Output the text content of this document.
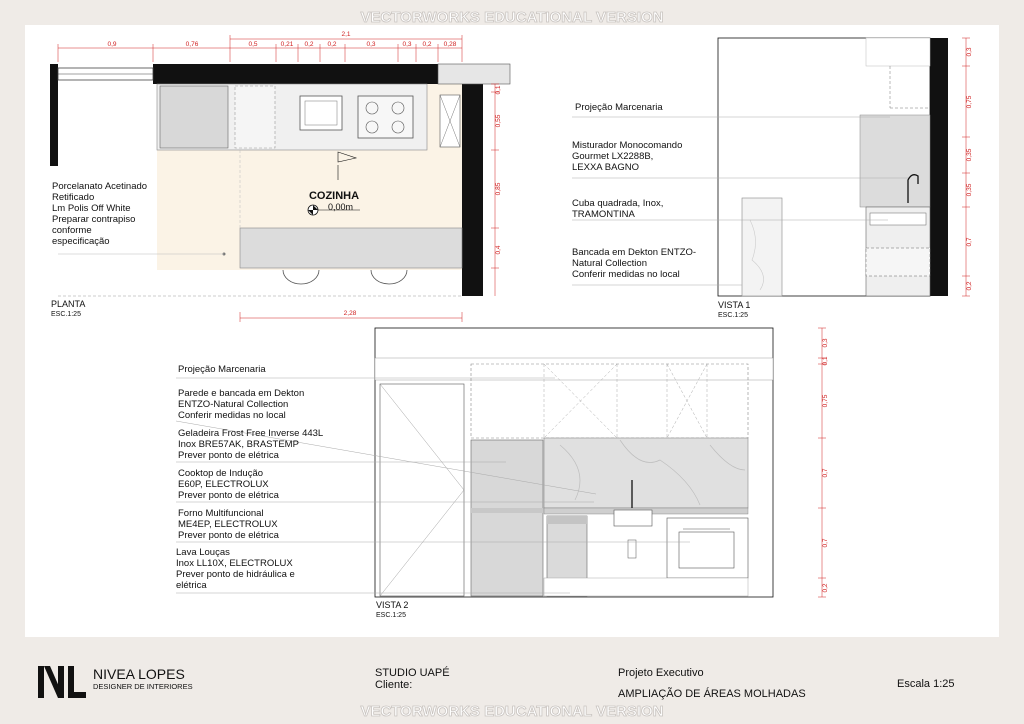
VECTORWORKS EDUCATIONAL VERSION
VECTORWORKS EDUCATIONAL VERSION
2,1
0,9	0,76	0,5	0,21 0,2 0,2	0,3	0,3 0,2 0,28
0,1
0,55
0,85
0,4
2,28
COZINHA
0,00m
0,3
0,75
0,35
0,35
0,7
0,2
0,3
0,1
0,75
0,7
0,7
0,2
Porcelanato Acetinado
Retificado
Lm Polis Off White
Preparar contrapiso
conforme
especificação
PLANTA
ESC.1:25
Projeção Marcenaria
Misturador Monocomando
Gourmet LX2288B,
LEXXA BAGNO
Cuba quadrada, Inox,
TRAMONTINA
Bancada em Dekton ENTZO-
Natural Collection
Conferir medidas no local
VISTA 1
ESC.1:25
Projeção Marcenaria
Parede e bancada em Dekton
ENTZO-Natural Collection
Conferir medidas no local
Geladeira Frost Free Inverse 443L
Inox BRE57AK, BRASTEMP
Prever ponto de elétrica
Cooktop de Indução
E60P, ELECTROLUX
Prever ponto de elétrica
Forno Multifuncional
ME4EP, ELECTROLUX
Prever ponto de elétrica
Lava Louças
Inox LL10X, ELECTROLUX
Prever ponto de hidráulica e
elétrica
VISTA 2
ESC.1:25
NIVEA LOPES
DESIGNER DE INTERIORES
STUDIO UAPÉ
Cliente:
Projeto Executivo
AMPLIAÇÃO DE ÁREAS MOLHADAS
Escala 1:25
